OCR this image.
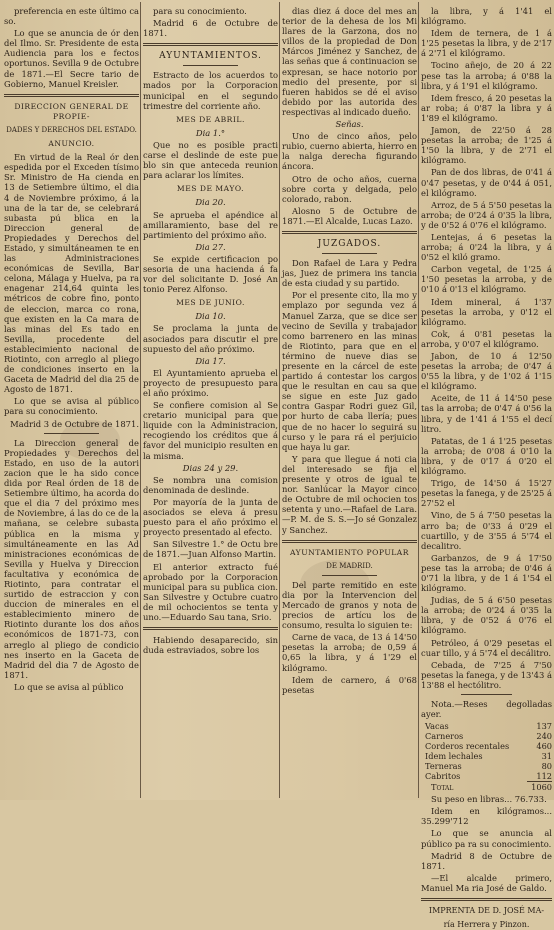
preferencia en este último ca so.

Lo que se anuncia de ór den del Ilmo. Sr. Presidente de esta Audiencia para los e fectos oportunos. Sevilla 9 de Octubre de 1871.—El Secre tario de Gobierno, Manuel Kreisler.

DIRECCION GENERAL DE PROPIE-

DADES Y DERECHOS DEL ESTADO.

ANUNCIO.

En virtud de la Real ór den espedida por el Exceden tísimo Sr. Ministro de Ha cienda en 13 de Setiembre último, el dia 4 de Noviembre próximo, á la una de la tar de, se celebrará subasta pú blica en la Direccion general de Propiedades y Derechos del Estado, y simultáneamen te en las Administraciones económicas de Sevilla, Bar celona, Málaga y Huelva, pa ra enagenar 214,64 quinta les métricos de cobre fino, ponto de eleccion, marca co rona, que existen en la Ca mara de las minas del Es tado en Sevilla, procedente del establecimiento nacional de Riotinto, con arreglo al pliego de condiciones inserto en la Gaceta de Madrid del dia 25 de Agosto de 1871.

Lo que se avisa al público para su conocimiento.

Madrid 3 de Octubre de 1871.

La Direccion general de Propiedades y Derechos del Estado, en uso de la autori zacion que le ha sido conce dida por Real órden de 18 de Setiembre último, ha acorda do que el dia 7 del próximo mes de Noviembre, á las do ce de la mañana, se celebre subasta pública en la misma y simultáneamente en las Ad ministraciones económicas de Sevilla y Huelva y Direccion facultativa y económica de Riotinto, para contratar el surtido de estraccion y con duccion de minerales en el establecimiento minero de Riotinto durante los dos años económicos de 1871-73, con arreglo al pliego de condicio nes inserto en la Gaceta de Madrid del dia 7 de Agosto de 1871.

Lo que se avisa al público

para su conocimiento.

Madrid 6 de Octubre de 1871.

AYUNTAMIENTOS.

Estracto de los acuerdos to mados por la Corporacion municipal en el segundo trimestre del corriente año.

MES DE ABRIL.

Dia 1.°

Que no es posible practi carse el deslinde de este pue blo sin que anteceda reunion para aclarar los límites.

MES DE MAYO.

Dia 20.

Se aprueba el apéndice al amillaramiento, base del re partimiento del próximo año.

Dia 27.

Se expide certificacion po sesoria de una hacienda á fa vor del solicitante D. José An tonio Perez Alfonso.

MES DE JUNIO.

Dia 10.

Se proclama la junta de asociados para discutir el pre supuesto del año próximo.

Dia 17.

El Ayuntamiento aprueba el proyecto de presupuesto para el año próximo.

Se confiere comision al Se cretario municipal para que liquide con la Administracion, recogiendo los créditos que á favor del municipio resulten en la misma.

Dias 24 y 29.

Se nombra una comision denominada de deslinde.

Por mayoría de la junta de asociados se eleva á presu puesto para el año próximo el proyecto presentado al efecto.

San Silvestre 1.° de Octu bre de 1871.—Juan Alfonso Martin.

El anterior extracto fué aprobado por la Corporacion municipal para su publica cion. San Silvestre y Octubre cuatro de mil ochocientos se tenta y uno.—Eduardo Sau tana, Srio.

Habiendo desaparecido, sin duda estraviados, sobre los

dias diez á doce del mes an terior de la dehesa de los Mi llares de la Garzona, dos no villos de la propiedad de Don Márcos Jiménez y Sanchez, de las señas que á continuacion se expresan, se hace notorio por medio del presente, por si fueren habidos se dé el aviso debido por las autorida des respectivas al indicado dueño.

Señas.

Uno de cinco años, pelo rubio, cuerno abierta, hierro en la nalga derecha figurando áncora.

Otro de ocho años, cuerna sobre corta y delgada, pelo colorado, rabon.

Alosno 5 de Octubre de 1871.—El Alcalde, Lucas Lazo.

JUZGADOS.

Don Rafael de Lara y Pedra jas, Juez de primera ins tancia de esta ciudad y su partido.

Por el presente cito, lla mo y emplazo por segunda vez á Manuel Zarza, que se dice ser vecino de Sevilla y trabajador como barrenero en las minas de Riotinto, para que en el término de nueve dias se presente en la cárcel de este partido á contestar los cargos que le resultan en cau sa que se sigue en este Juz gado contra Gaspar Rodri guez Gil, por hurto de caba llería; pues que de no hacer lo seguirá su curso y le para rá el perjuicio que haya lu gar.

Y para que llegue á noti cia del interesado se fija el presente y otros de igual te nor. Sanlúcar la Mayor cinco de Octubre de mil ochocien tos setenta y uno.—Rafael de Lara.—P. M. de S. S.—Jo sé Gonzalez y Sanchez.

AYUNTAMIENTO POPULAR

DE MADRID.

Del parte remitido en este dia por la Intervencion del Mercado de granos y nota de precios de artícu los de consumo, resulta lo siguien te:

Carne de vaca, de 13 á 14'50 pesetas la arroba; de 0,59 á 0,65 la libra, y á 1'29 el kilógramo.

Idem de carnero, á 0'68 pesetas

la libra, y á 1'41 el kilógramo.

Idem de ternera, de 1 á 1'25 pesetas la libra, y de 2'17 á 2'71 el kilógramo.

Tocino añejo, de 20 á 22 pese tas la arroba; á 0'88 la libra, y á 1'91 el kilógramo.

Idem fresco, á 20 pesetas la ar roba; á 0'87 la libra y á 1'89 el kilógramo.

Jamon, de 22'50 á 28 pesetas la arroba; de 1'25 á 1'50 la libra, y de 2'71 el kilógramo.

Pan de dos libras, de 0'41 á 0'47 pesetas, y de 0'44 á 051, el kilógramo.

Arroz, de 5 á 5'50 pesetas la arroba; de 0'24 á 0'35 la libra, y de 0'52 á 0'76 el kilógramo.

Lentejas, á 6 pesetas la arroba; á 0'24 la libra, y á 0'52 el kiló gramo.

Carbon vegetal, de 1'25 á 1'50 pesetas la arroba, y de 0'10 á 0'13 el kilógramo.

Idem mineral, á 1'37 pesetas la arroba, y 0'12 el kilógramo.

Cok, á 0'81 pesetas la arroba, y 0'07 el kilógramo.

Jabon, de 10 á 12'50 pesetas la arroba; de 0'47 á 0'55 la libra, y de 1'02 á 1'15 el kilógramo.

Aceite, de 11 á 14'50 pese tas la arroba; de 0'47 á 0'56 la libra, y de 1'41 á 1'55 el decí litro.

Patatas, de 1 á 1'25 pesetas la arroba; de 0'08 á 0'10 la libra, y de 0'17 á 0'20 el kilógramo.

Trigo, de 14'50 á 15'27 pesetas la fanega, y de 25'25 á 27'52 el

Vino, de 5 á 7'50 pesetas la arro ba; de 0'33 á 0'29 el cuartillo, y de 3'55 á 5'74 el decalitro.

Garbanzos, de 9 á 17'50 pese tas la arroba; de 0'46 á 0'71 la libra, y de 1 á 1'54 el kilógramo.

Judias, de 5 á 6'50 pesetas la arroba; de 0'24 á 0'35 la libra, y de 0'52 á 0'76 el kilógramo.

Petróleo, á 0'29 pesetas el cuar tillo, y á 5'74 el decálitro.

Cebada, de 7'25 á 7'50 pesetas la fanega, y de 13'43 á 13'88 el hectólitro.

Nota.—Reses degolladas ayer.

Vacas	137
Carneros	240
Corderos recentales	460
Idem lechales	31
Terneras	80
Cabritos	112
Total	1060

Su peso en libras... 76.733.

Idem en kilógramos... 35.299'712

Lo que se anuncia al público pa ra su conocimiento.

Madrid 8 de Octubre de 1871.

—El alcalde primero, Manuel Ma ria José de Galdo.

IMPRENTA DE D. JOSÉ MA-

ría Herrera y Pinzon.
